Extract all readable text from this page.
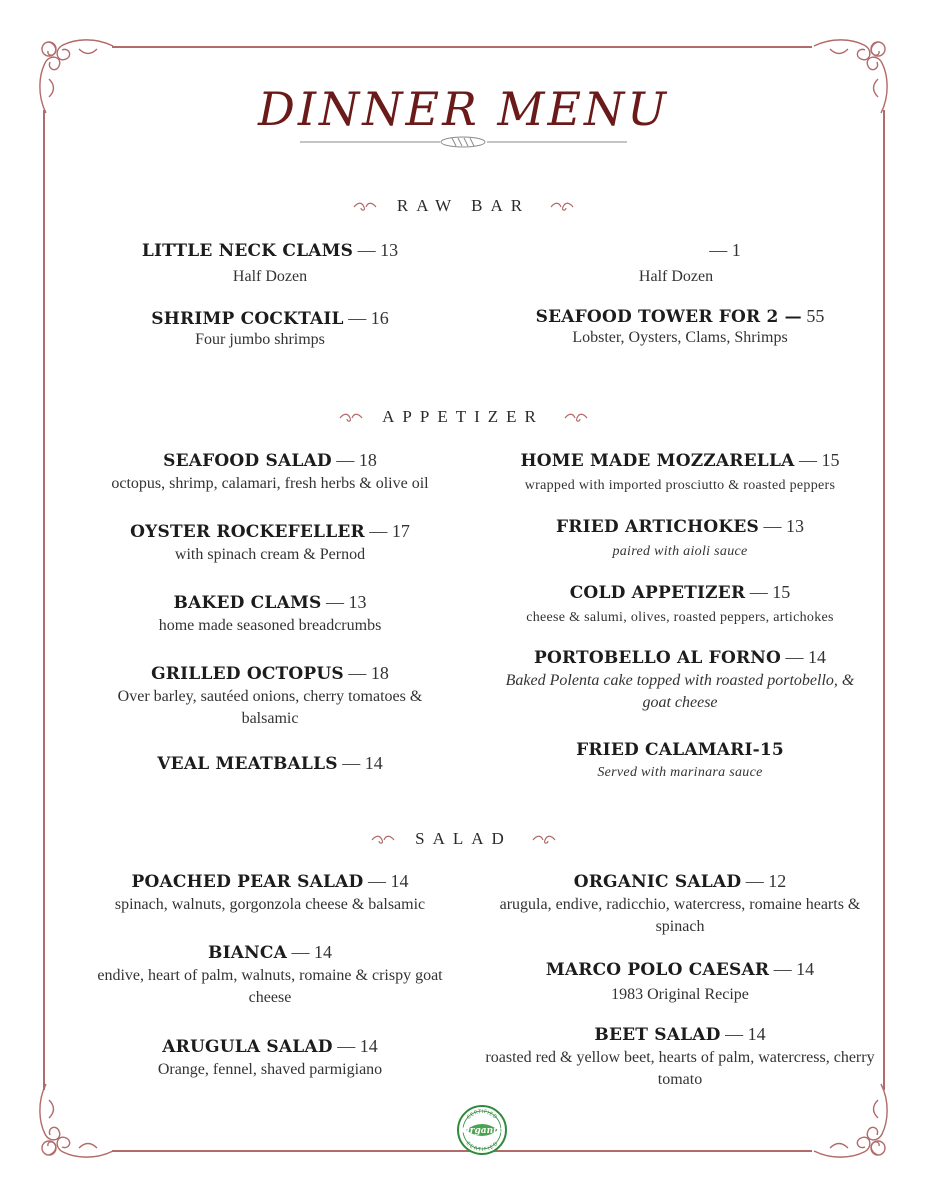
DINNER MENU
RAW BAR
LITTLE NECK CLAMS — 13
Half Dozen
— 1
Half Dozen
SHRIMP COCKTAIL — 16
Four jumbo shrimps
SEAFOOD TOWER FOR 2 — 55
Lobster, Oysters, Clams, Shrimps
APPETIZER
SEAFOOD SALAD — 18
octopus, shrimp, calamari, fresh herbs & olive oil
OYSTER ROCKEFELLER — 17
with spinach cream & Pernod
BAKED CLAMS — 13
home made seasoned breadcrumbs
GRILLED OCTOPUS — 18
Over barley, sautéed onions, cherry tomatoes & balsamic
VEAL MEATBALLS — 14
HOME MADE MOZZARELLA — 15
wrapped with imported prosciutto & roasted peppers
FRIED ARTICHOKES — 13
paired with aioli sauce
COLD APPETIZER — 15
cheese & salumi, olives, roasted peppers, artichokes
PORTOBELLO AL FORNO — 14
Baked Polenta cake topped with roasted portobello, & goat cheese
FRIED CALAMARI-15
Served with marinara sauce
SALAD
POACHED PEAR SALAD — 14
spinach, walnuts, gorgonzola cheese & balsamic
BIANCA — 14
endive, heart of palm, walnuts, romaine & crispy goat cheese
ARUGULA SALAD — 14
Orange, fennel, shaved parmigiano
ORGANIC SALAD — 12
arugula, endive, radicchio, watercress, romaine hearts & spinach
MARCO POLO CAESAR — 14
1983 Original Recipe
BEET SALAD — 14
roasted red & yellow beet, hearts of palm, watercress, cherry tomato
CERTIFIED
Organic
CERTIFIED
